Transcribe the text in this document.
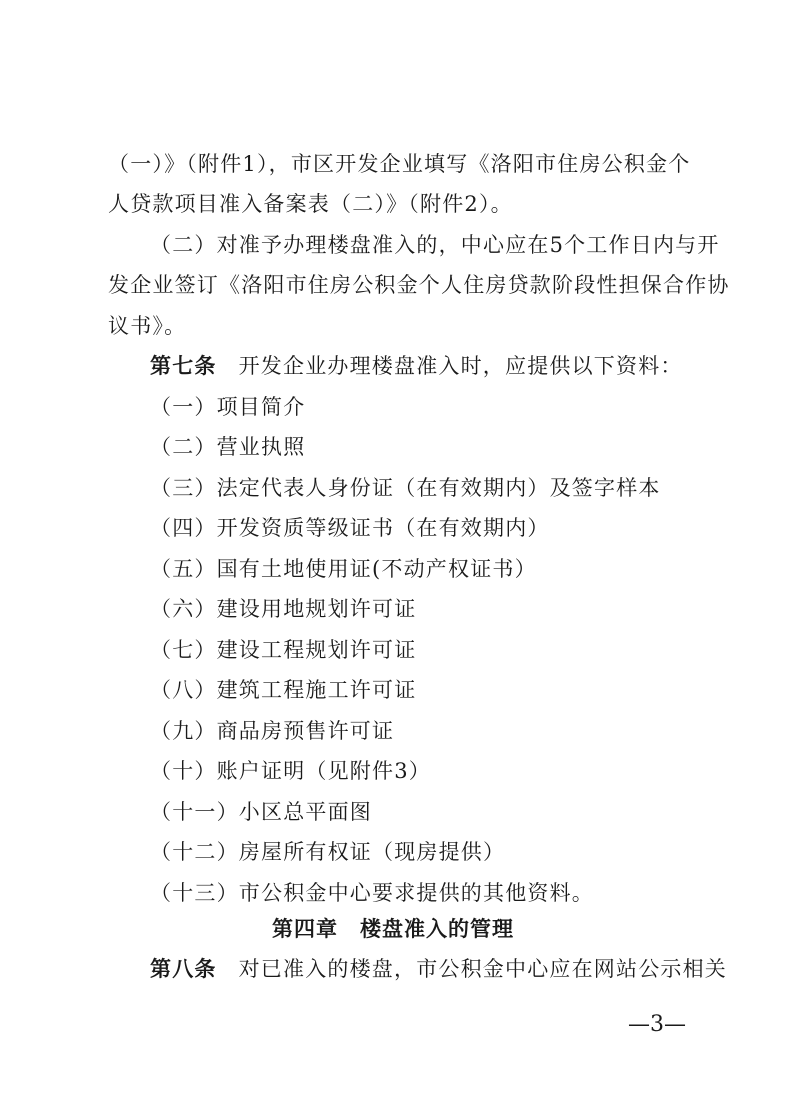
（一）》（附件1），市区开发企业填写《洛阳市住房公积金个
人贷款项目准入备案表（二）》（附件2）。
（二）对准予办理楼盘准入的，中心应在5个工作日内与开
发企业签订《洛阳市住房公积金个人住房贷款阶段性担保合作协
议书》。
第七条 开发企业办理楼盘准入时，应提供以下资料：
（一）项目简介
（二）营业执照
（三）法定代表人身份证（在有效期内）及签字样本
（四）开发资质等级证书（在有效期内）
（五）国有土地使用证(不动产权证书）
（六）建设用地规划许可证
（七）建设工程规划许可证
（八）建筑工程施工许可证
（九）商品房预售许可证
（十）账户证明（见附件3）
（十一）小区总平面图
（十二）房屋所有权证（现房提供）
（十三）市公积金中心要求提供的其他资料。
第四章　楼盘准入的管理
第八条 对已准入的楼盘，市公积金中心应在网站公示相关
—3—
